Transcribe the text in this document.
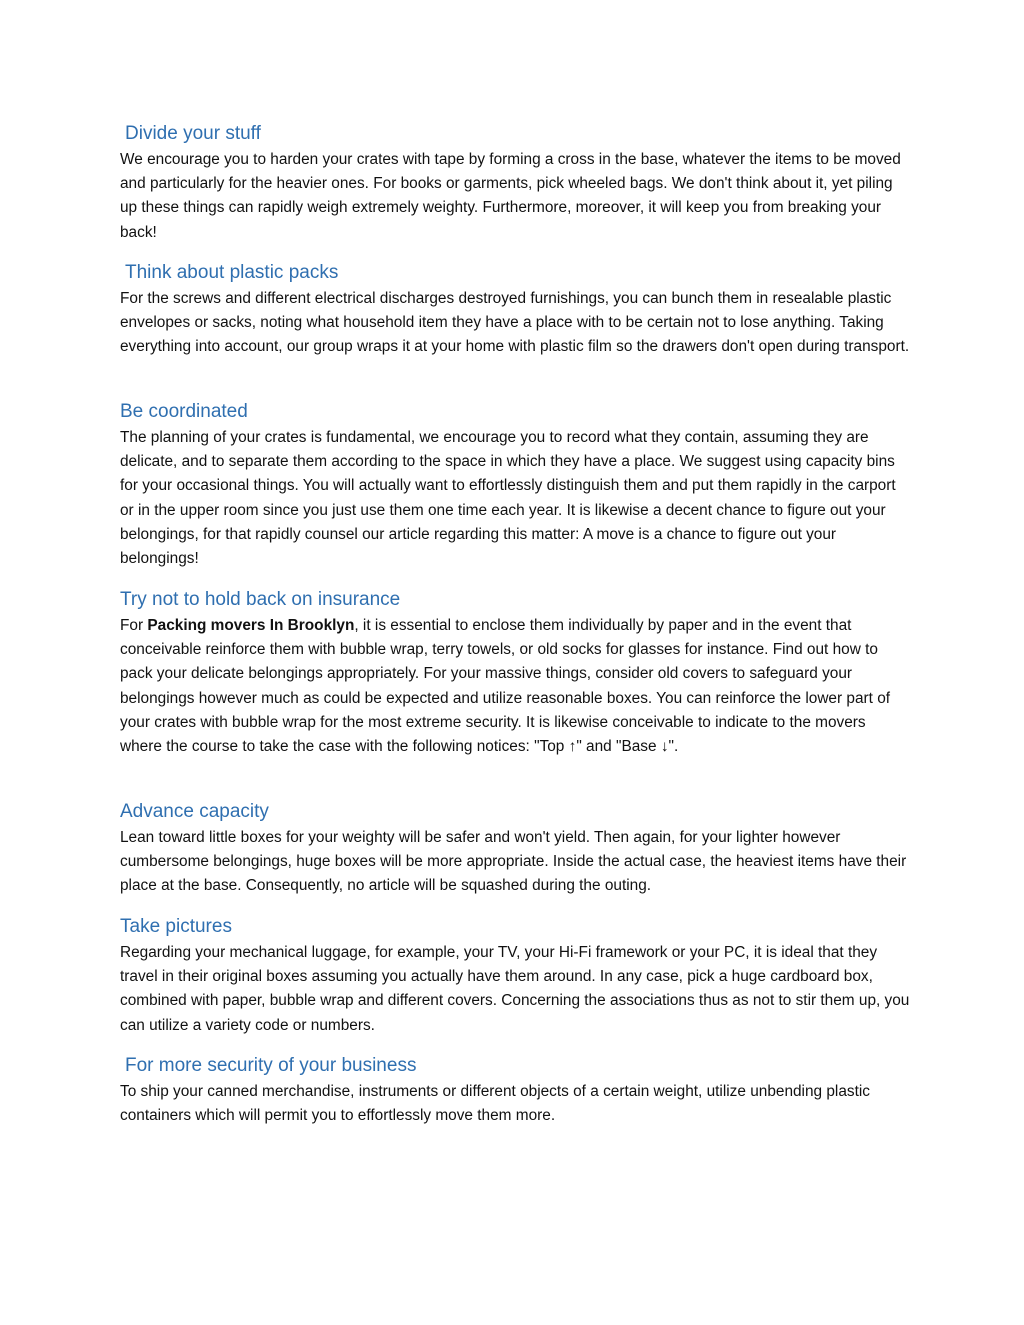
Divide your stuff

We encourage you to harden your crates with tape by forming a cross in the base, whatever the items to be moved and particularly for the heavier ones. For books or garments, pick wheeled bags. We don't think about it, yet piling up these things can rapidly weigh extremely weighty. Furthermore, moreover, it will keep you from breaking your back!

Think about plastic packs

For the screws and different electrical discharges destroyed furnishings, you can bunch them in resealable plastic envelopes or sacks, noting what household item they have a place with to be certain not to lose anything. Taking everything into account, our group wraps it at your home with plastic film so the drawers don't open during transport.

Be coordinated

The planning of your crates is fundamental, we encourage you to record what they contain, assuming they are delicate, and to separate them according to the space in which they have a place. We suggest using capacity bins for your occasional things. You will actually want to effortlessly distinguish them and put them rapidly in the carport or in the upper room since you just use them one time each year. It is likewise a decent chance to figure out your belongings, for that rapidly counsel our article regarding this matter: A move is a chance to figure out your belongings!

Try not to hold back on insurance

For Packing movers In Brooklyn, it is essential to enclose them individually by paper and in the event that conceivable reinforce them with bubble wrap, terry towels, or old socks for glasses for instance. Find out how to pack your delicate belongings appropriately. For your massive things, consider old covers to safeguard your belongings however much as could be expected and utilize reasonable boxes. You can reinforce the lower part of your crates with bubble wrap for the most extreme security. It is likewise conceivable to indicate to the movers where the course to take the case with the following notices: "Top ↑" and "Base ↓".

Advance capacity

Lean toward little boxes for your weighty will be safer and won't yield. Then again, for your lighter however cumbersome belongings, huge boxes will be more appropriate. Inside the actual case, the heaviest items have their place at the base. Consequently, no article will be squashed during the outing.

Take pictures

Regarding your mechanical luggage, for example, your TV, your Hi-Fi framework or your PC, it is ideal that they travel in their original boxes assuming you actually have them around. In any case, pick a huge cardboard box, combined with paper, bubble wrap and different covers. Concerning the associations thus as not to stir them up, you can utilize a variety code or numbers.

For more security of your business

To ship your canned merchandise, instruments or different objects of a certain weight, utilize unbending plastic containers which will permit you to effortlessly move them more.
